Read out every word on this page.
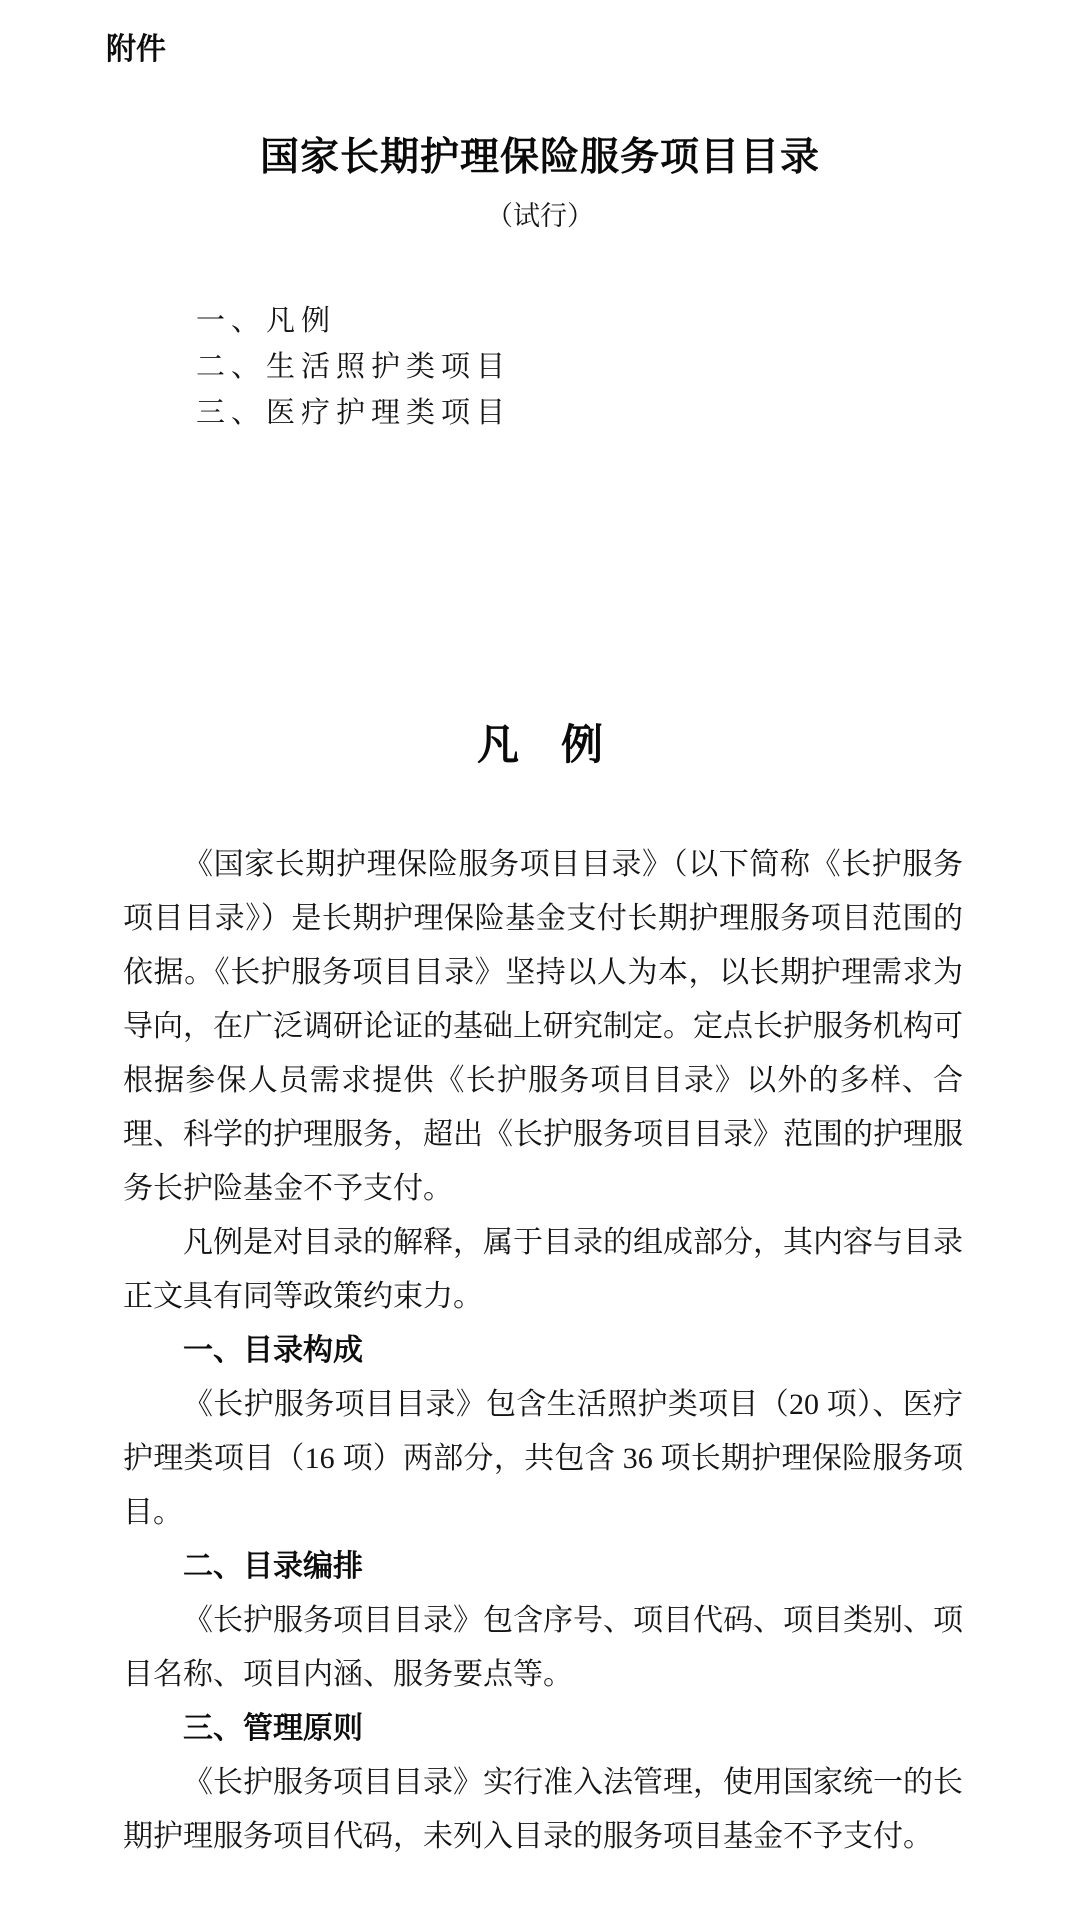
附件
国家长期护理保险服务项目目录
（试行）
一、凡例
二、生活照护类项目
三、医疗护理类项目
凡　例

《国家长期护理保险服务项目目录》（以下简称《长护服务项目目录》）是长期护理保险基金支付长期护理服务项目范围的依据。《长护服务项目目录》坚持以人为本，以长期护理需求为导向，在广泛调研论证的基础上研究制定。定点长护服务机构可根据参保人员需求提供《长护服务项目目录》以外的多样、合理、科学的护理服务，超出《长护服务项目目录》范围的护理服务长护险基金不予支付。

凡例是对目录的解释，属于目录的组成部分，其内容与目录正文具有同等政策约束力。

一、目录构成

《长护服务项目目录》包含生活照护类项目（20 项）、医疗护理类项目（16 项）两部分，共包含 36 项长期护理保险服务项目。

二、目录编排

《长护服务项目目录》包含序号、项目代码、项目类别、项目名称、项目内涵、服务要点等。

三、管理原则

《长护服务项目目录》实行准入法管理，使用国家统一的长期护理服务项目代码，未列入目录的服务项目基金不予支付。
